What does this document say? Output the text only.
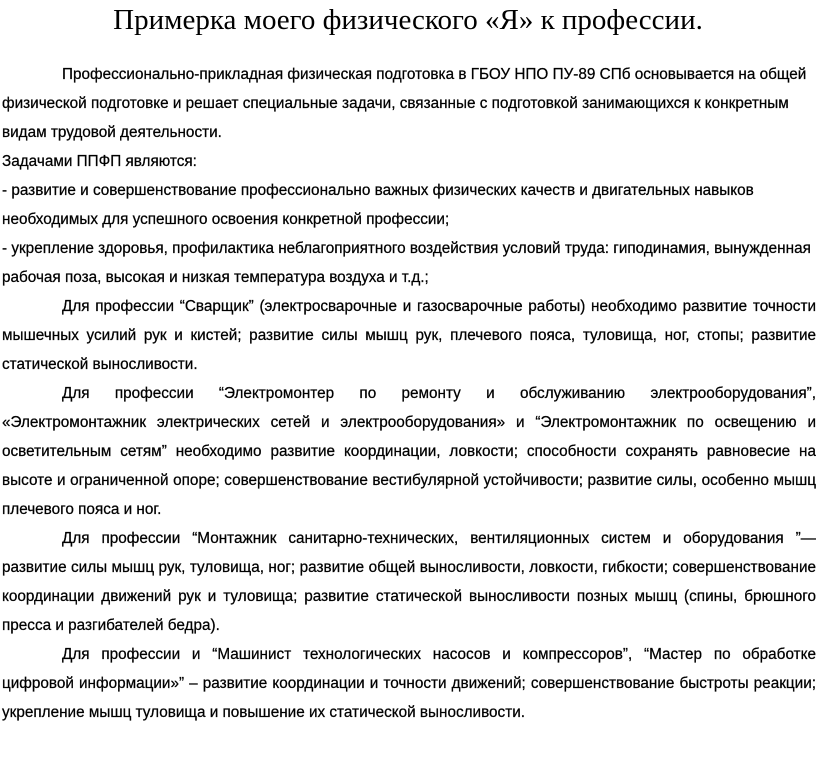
Примерка моего физического «Я» к профессии.

Профессионально-прикладная физическая подготовка в ГБОУ НПО ПУ-89 СПб основывается на общей физической подготовке и решает специальные задачи, связанные с подготовкой занимающихся к конкретным видам трудовой деятельности.

Задачами ППФП являются:

- развитие и совершенствование профессионально важных физических качеств и двигательных навыков необходимых для успешного освоения конкретной профессии;

- укрепление здоровья, профилактика неблагоприятного воздействия условий труда: гиподинамия, вынужденная рабочая поза, высокая и низкая температура воздуха и т.д.;

Для профессии “Сварщик” (электросварочные и газосварочные работы) необходимо развитие точности мышечных усилий рук и кистей; развитие силы мышц рук, плечевого пояса, туловища, ног, стопы; развитие статической выносливости.

Для профессии “Электромонтер по ремонту и обслуживанию электрооборудования”, «Электромонтажник электрических сетей и электрооборудования» и “Электромонтажник по освещению и осветительным сетям” необходимо развитие координации, ловкости; способности сохранять равновесие на высоте и ограниченной опоре; совершенствование вестибулярной устойчивости; развитие силы, особенно мышц плечевого пояса и ног.

Для профессии “Монтажник санитарно-технических, вентиляционных систем и оборудования ”— развитие силы мышц рук, туловища, ног; развитие общей выносливости, ловкости, гибкости; совершенствование координации движений рук и туловища; развитие статической выносливости позных мышц (спины, брюшного пресса и разгибателей бедра).

Для профессии и “Машинист технологических насосов и компрессоров”, “Мастер по обработке цифровой информации»” – развитие координации и точности движений; совершенствование быстроты реакции; укрепление мышц туловища и повышение их статической выносливости.
